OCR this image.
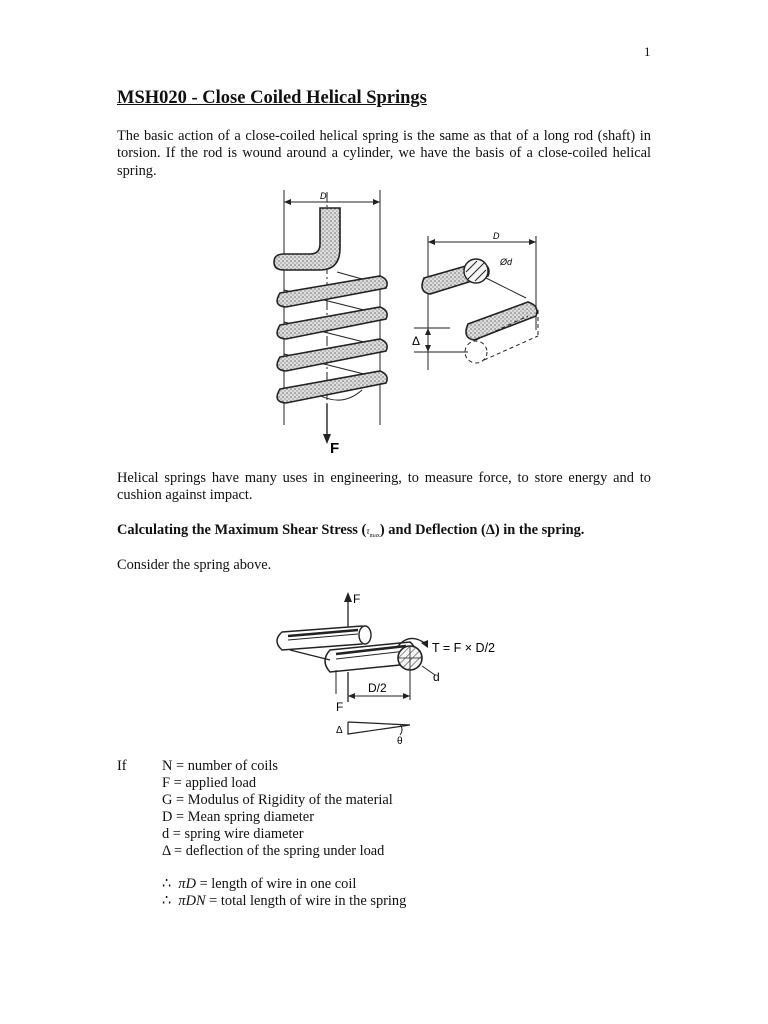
1
MSH020 - Close Coiled Helical Springs
The basic action of a close-coiled helical spring is the same as that of a long rod (shaft) in torsion. If the rod is wound around a cylinder, we have the basis of a close-coiled helical spring.
D
F
D
Ød
Δ
Helical springs have many uses in engineering, to measure force, to store energy and to cushion against impact.
Calculating the Maximum Shear Stress $(\tau_{max})$ and Deflection (Δ) in the spring.
Consider the spring above.
F
T = F × D/2
d
F
D/2
Δ
θ
If N = number of coils
F = applied load
G = Modulus of Rigidity of the material
D = Mean spring diameter
d = spring wire diameter
Δ = deflection of the spring under load
∴ πD = length of wire in one coil
∴ πDN = total length of wire in the spring
